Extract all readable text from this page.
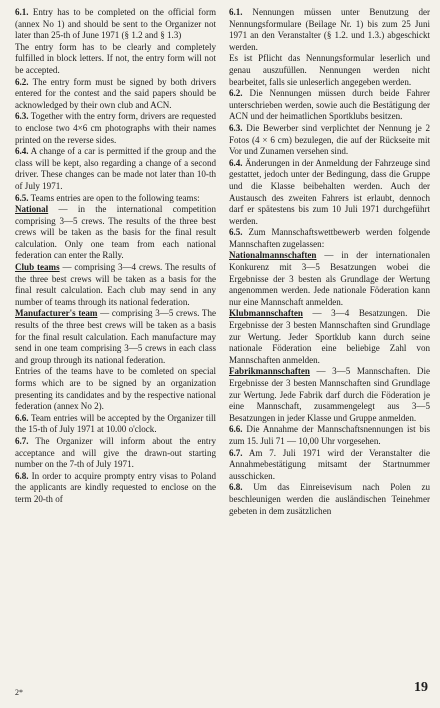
6.1. Entry has to be completed on the official form (annex No 1) and should be sent to the Organizer not later than 25-th of June 1971 (§ 1.2 and § 1.3)

The entry form has to be clearly and completely fulfilled in block letters. If not, the entry form will not be accepted.

6.2. The entry form must be signed by both drivers entered for the contest and the said papers should be acknowledged by their own club and ACN.

6.3. Together with the entry form, drivers are requested to enclose two 4×6 cm photographs with their names printed on the reverse sides.

6.4. A change of a car is permitted if the group and the class will be kept, also regarding a change of a second driver. These changes can be made not later than 10-th of July 1971.

6.5. Teams entries are open to the following teams:

National — in the international competition comprising 3—5 crews. The results of the three best crews will be taken as the basis for the final result calculation. Only one team from each national federation can enter the Rally.

Club teams — comprising 3—4 crews. The results of the three best crews will be taken as a basis for the final result calculation. Each club may send in any number of teams through its national federation.

Manufacturer's team — comprising 3—5 crews. The results of the three best crews will be taken as a basis for the final result calculation. Each manufacture may send in one team comprising 3—5 crews in each class and group through its national federation.

Entries of the teams have to be comleted on special forms which are to be signed by an organization presenting its candidates and by the respective national federation (annex No 2).

6.6. Team entries will be accepted by the Organizer till the 15-th of July 1971 at 10.00 o'clock.

6.7. The Organizer will inform about the entry acceptance and will give the drawn-out starting number on the 7-th of July 1971.

6.8. In order to acquire prompty entry visas to Poland the applicants are kindly requested to enclose on the term 20-th of

6.1. Nennungen müssen unter Benutzung der Nennungsformulare (Beilage Nr. 1) bis zum 25 Juni 1971 an den Veranstalter (§ 1.2. und 1.3.) abgeschickt werden.

Es ist Pflicht das Nennungsformular leserlich und genau auszufüllen. Nennungen werden nicht bearbeitet, falls sie unleserlich angegeben werden.

6.2. Die Nennungen müssen durch beide Fahrer unterschrieben werden, sowie auch die Bestätigung der ACN und der heimatlichen Sportklubs besitzen.

6.3. Die Bewerber sind verplichtet der Nennung je 2 Fotos (4 × 6 cm) bezulegen, die auf der Rückseite mit Vor und Zunamen versehen sind.

6.4. Änderungen in der Anmeldung der Fahrzeuge sind gestattet, jedoch unter der Bedingung, dass die Gruppe und die Klasse beibehalten werden. Auch der Austausch des zweiten Fahrers ist erlaubt, dennoch darf er spätestens bis zum 10 Juli 1971 durchgeführt werden.

6.5. Zum Mannschaftswettbewerb werden folgende Mannschaften zugelassen:

Nationalmannschaften — in der internationalen Konkurenz mit 3—5 Besatzungen wobei die Ergebnisse der 3 besten als Grundlage der Wertung angenommen werden. Jede nationale Föderation kann nur eine Mannschaft anmelden.

Klubmannschaften — 3—4 Besatzungen. Die Ergebnisse der 3 besten Mannschaften sind Grundlage zur Wertung. Jeder Sportklub kann durch seine nationale Föderation eine beliebige Zahl von Mannschaften anmelden.

Fabrikmannschaften — 3—5 Mannschaften. Die Ergebnisse der 3 besten Mannschaften sind Grundlage zur Wertung. Jede Fabrik darf durch die Föderation je eine Mannschaft, zusammengelegt aus 3—5 Besatzungen in jeder Klasse und Gruppe anmelden.

6.6. Die Annahme der Mannschaftsnennungen ist bis zum 15. Juli 71 — 10,00 Uhr vorgesehen.

6.7. Am 7. Juli 1971 wird der Veranstalter die Annahmebestätigung mitsamt der Startnummer ausschicken.

6.8. Um das Einreisevisum nach Polen zu beschleunigen werden die ausländischen Teinehmer gebeten in dem zusätzlichen

2*	19
